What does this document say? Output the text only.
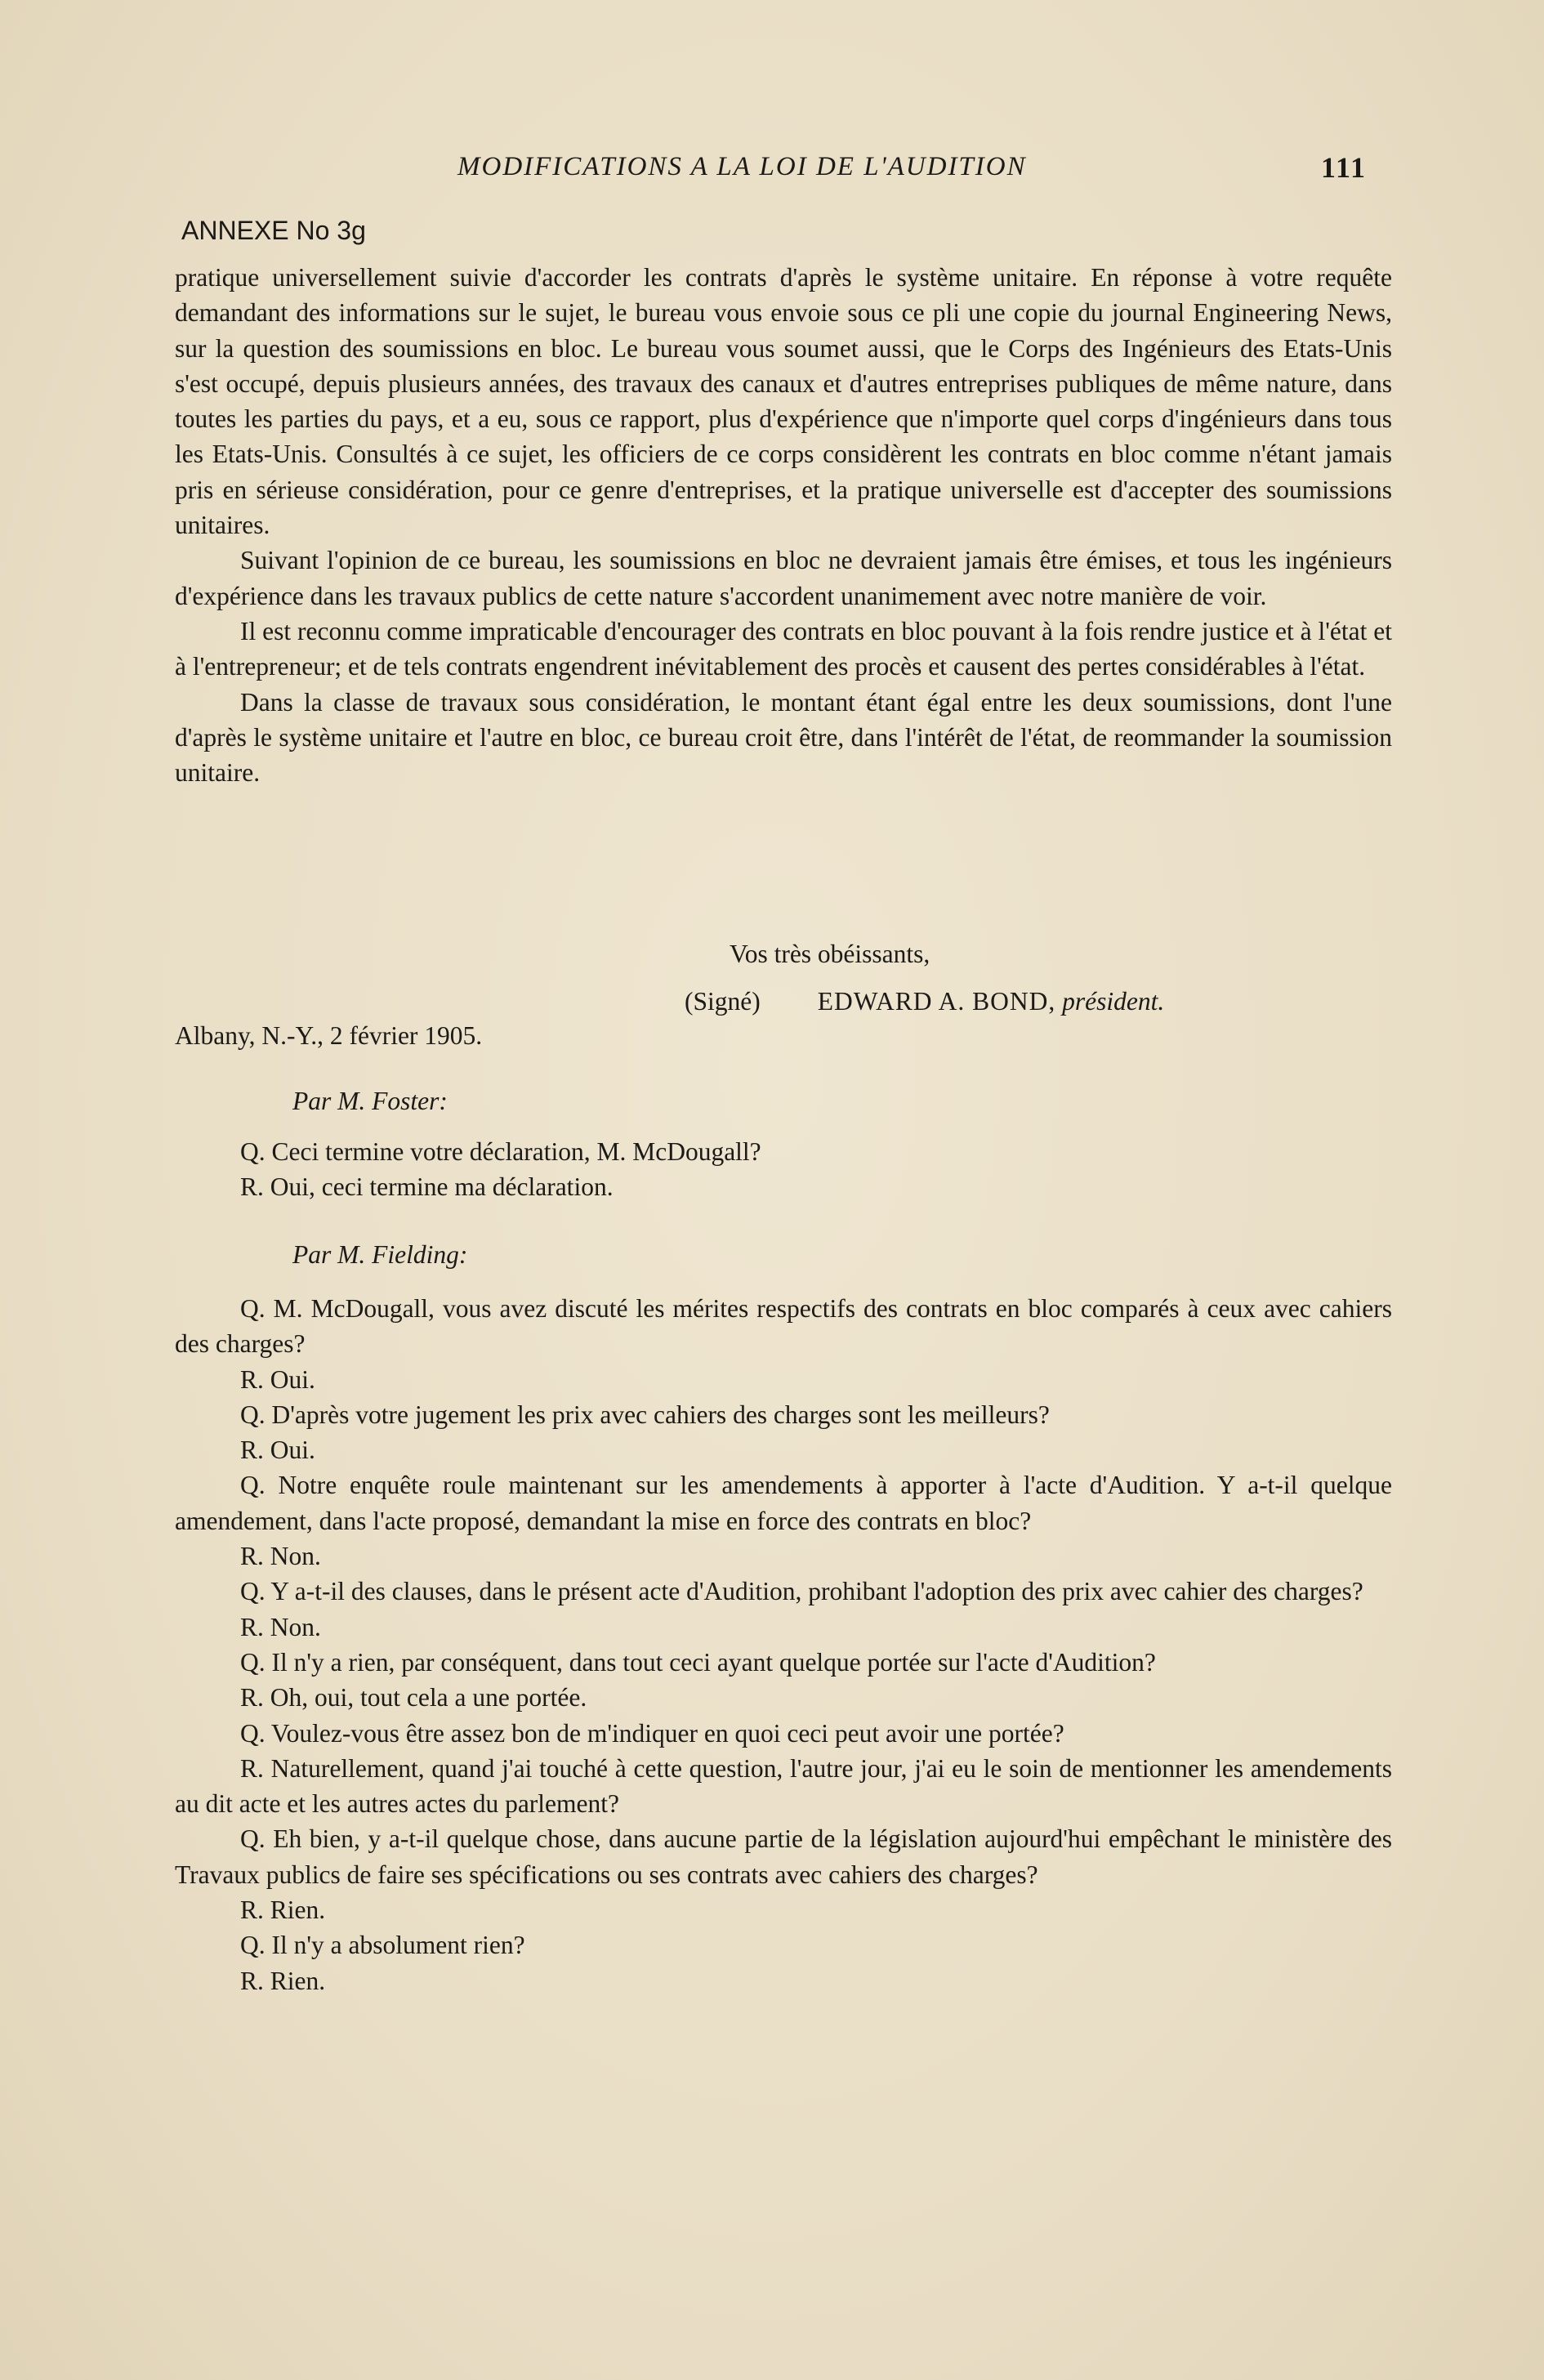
MODIFICATIONS A LA LOI DE L'AUDITION	111
ANNEXE No 3g

pratique universellement suivie d'accorder les contrats d'après le système unitaire. En réponse à votre requête demandant des informations sur le sujet, le bureau vous envoie sous ce pli une copie du journal Engineering News, sur la question des soumissions en bloc. Le bureau vous soumet aussi, que le Corps des Ingénieurs des Etats-Unis s'est occupé, depuis plusieurs années, des travaux des canaux et d'autres entreprises publiques de même nature, dans toutes les parties du pays, et a eu, sous ce rapport, plus d'expérience que n'importe quel corps d'ingénieurs dans tous les Etats-Unis. Consultés à ce sujet, les officiers de ce corps considèrent les contrats en bloc comme n'étant jamais pris en sérieuse considération, pour ce genre d'entreprises, et la pratique universelle est d'accepter des soumissions unitaires.

Suivant l'opinion de ce bureau, les soumissions en bloc ne devraient jamais être émises, et tous les ingénieurs d'expérience dans les travaux publics de cette nature s'accordent unanimement avec notre manière de voir.

Il est reconnu comme impraticable d'encourager des contrats en bloc pouvant à la fois rendre justice et à l'état et à l'entrepreneur; et de tels contrats engendrent inévitablement des procès et causent des pertes considérables à l'état.

Dans la classe de travaux sous considération, le montant étant égal entre les deux soumissions, dont l'une d'après le système unitaire et l'autre en bloc, ce bureau croit être, dans l'intérêt de l'état, de reommander la soumission unitaire.

Vos très obéissants,
(Signé) EDWARD A. BOND, président.
Albany, N.-Y., 2 février 1905.
Par M. Foster:

Q. Ceci termine votre déclaration, M. McDougall?

R. Oui, ceci termine ma déclaration.

Par M. Fielding:

Q. M. McDougall, vous avez discuté les mérites respectifs des contrats en bloc comparés à ceux avec cahiers des charges?

R. Oui.

Q. D'après votre jugement les prix avec cahiers des charges sont les meilleurs?

R. Oui.

Q. Notre enquête roule maintenant sur les amendements à apporter à l'acte d'Audition. Y a-t-il quelque amendement, dans l'acte proposé, demandant la mise en force des contrats en bloc?

R. Non.

Q. Y a-t-il des clauses, dans le présent acte d'Audition, prohibant l'adoption des prix avec cahier des charges?

R. Non.

Q. Il n'y a rien, par conséquent, dans tout ceci ayant quelque portée sur l'acte d'Audition?

R. Oh, oui, tout cela a une portée.

Q. Voulez-vous être assez bon de m'indiquer en quoi ceci peut avoir une portée?

R. Naturellement, quand j'ai touché à cette question, l'autre jour, j'ai eu le soin de mentionner les amendements au dit acte et les autres actes du parlement?

Q. Eh bien, y a-t-il quelque chose, dans aucune partie de la législation aujourd'hui empêchant le ministère des Travaux publics de faire ses spécifications ou ses contrats avec cahiers des charges?

R. Rien.

Q. Il n'y a absolument rien?

R. Rien.
